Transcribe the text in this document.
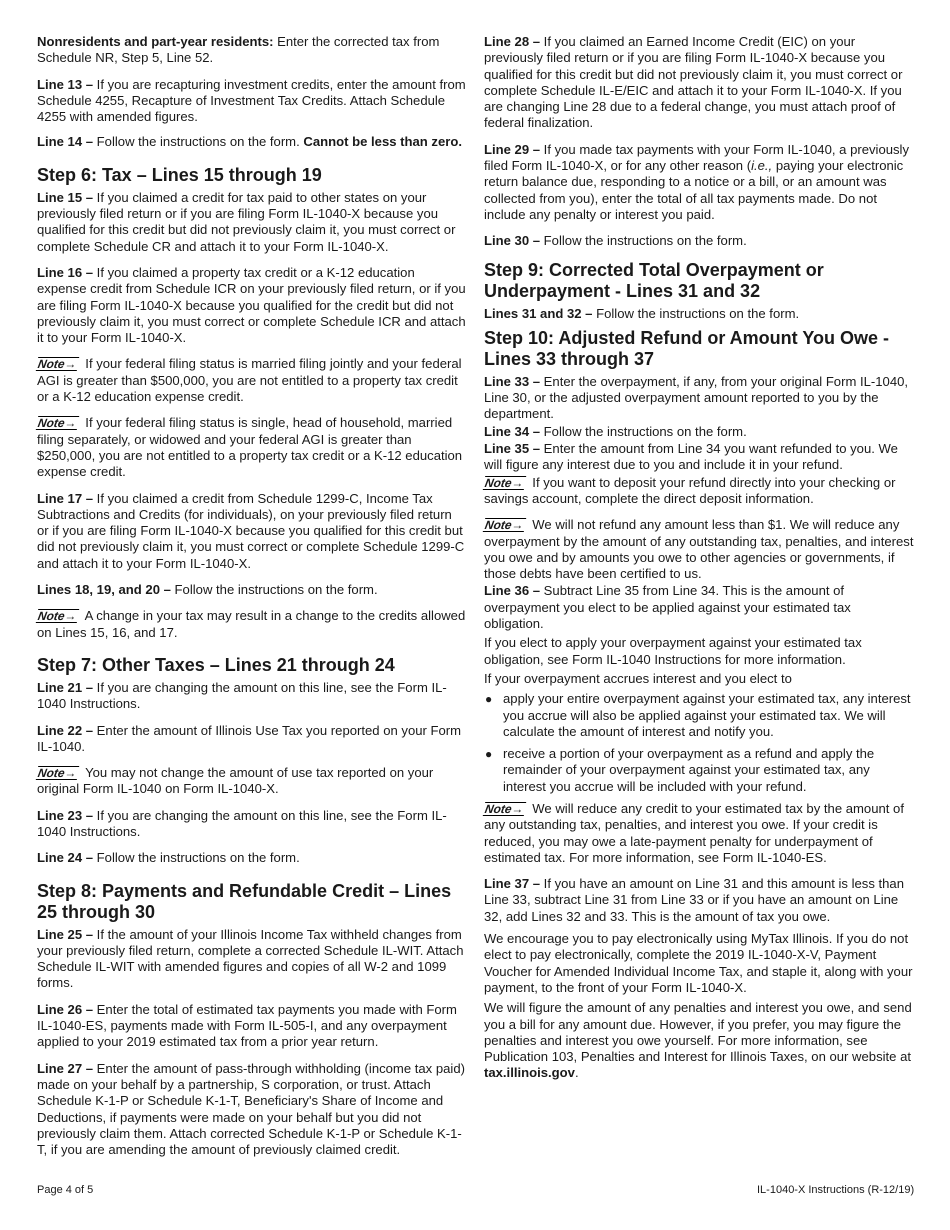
Nonresidents and part-year residents: Enter the corrected tax from Schedule NR, Step 5, Line 52.

Line 13 – If you are recapturing investment credits, enter the amount from Schedule 4255, Recapture of Investment Tax Credits. Attach Schedule 4255 with amended figures.

Line 14 – Follow the instructions on the form. Cannot be less than zero.

Step 6: Tax – Lines 15 through 19

Line 15 – If you claimed a credit for tax paid to other states on your previously filed return or if you are filing Form IL-1040-X because you qualified for this credit but did not previously claim it, you must correct or complete Schedule CR and attach it to your Form IL-1040-X.

Line 16 – If you claimed a property tax credit or a K-12 education expense credit from Schedule ICR on your previously filed return, or if you are filing Form IL-1040-X because you qualified for the credit but did not previously claim it, you must correct or complete Schedule ICR and attach it to your Form IL-1040-X.

Note→ If your federal filing status is married filing jointly and your federal AGI is greater than $500,000, you are not entitled to a property tax credit or a K-12 education expense credit.

Note→ If your federal filing status is single, head of household, married filing separately, or widowed and your federal AGI is greater than $250,000, you are not entitled to a property tax credit or a K-12 education expense credit.

Line 17 – If you claimed a credit from Schedule 1299-C, Income Tax Subtractions and Credits (for individuals), on your previously filed return or if you are filing Form IL-1040-X because you qualified for this credit but did not previously claim it, you must correct or complete Schedule 1299-C and attach it to your Form IL-1040-X.

Lines 18, 19, and 20 – Follow the instructions on the form.

Note→ A change in your tax may result in a change to the credits allowed on Lines 15, 16, and 17.

Step 7: Other Taxes – Lines 21 through 24

Line 21 – If you are changing the amount on this line, see the Form IL-1040 Instructions.

Line 22 – Enter the amount of Illinois Use Tax you reported on your Form IL-1040.

Note→ You may not change the amount of use tax reported on your original Form IL-1040 on Form IL-1040-X.

Line 23 – If you are changing the amount on this line, see the Form IL-1040 Instructions.

Line 24 – Follow the instructions on the form.

Step 8: Payments and Refundable Credit – Lines 25 through 30

Line 25 – If the amount of your Illinois Income Tax withheld changes from your previously filed return, complete a corrected Schedule IL-WIT. Attach Schedule IL-WIT with amended figures and copies of all W-2 and 1099 forms.

Line 26 – Enter the total of estimated tax payments you made with Form IL-1040-ES, payments made with Form IL-505-I, and any overpayment applied to your 2019 estimated tax from a prior year return.

Line 27 – Enter the amount of pass-through withholding (income tax paid) made on your behalf by a partnership, S corporation, or trust. Attach Schedule K-1-P or Schedule K-1-T, Beneficiary's Share of Income and Deductions, if payments were made on your behalf but you did not previously claim them. Attach corrected Schedule K-1-P or Schedule K-1-T, if you are amending the amount of previously claimed credit.

Line 28 – If you claimed an Earned Income Credit (EIC) on your previously filed return or if you are filing Form IL-1040-X because you qualified for this credit but did not previously claim it, you must correct or complete Schedule IL-E/EIC and attach it to your Form IL-1040-X. If you are changing Line 28 due to a federal change, you must attach proof of federal finalization.

Line 29 – If you made tax payments with your Form IL-1040, a previously filed Form IL-1040-X, or for any other reason (i.e., paying your electronic return balance due, responding to a notice or a bill, or an amount was collected from you), enter the total of all tax payments made. Do not include any penalty or interest you paid.

Line 30 – Follow the instructions on the form.

Step 9: Corrected Total Overpayment or Underpayment - Lines 31 and 32

Lines 31 and 32 – Follow the instructions on the form.

Step 10: Adjusted Refund or Amount You Owe - Lines 33 through 37

Line 33 – Enter the overpayment, if any, from your original Form IL-1040, Line 30, or the adjusted overpayment amount reported to you by the department.

Line 34 – Follow the instructions on the form.

Line 35 – Enter the amount from Line 34 you want refunded to you. We will figure any interest due to you and include it in your refund.

Note→ If you want to deposit your refund directly into your checking or savings account, complete the direct deposit information.

Note→ We will not refund any amount less than $1. We will reduce any overpayment by the amount of any outstanding tax, penalties, and interest you owe and by amounts you owe to other agencies or governments, if those debts have been certified to us.

Line 36 – Subtract Line 35 from Line 34. This is the amount of overpayment you elect to be applied against your estimated tax obligation.

If you elect to apply your overpayment against your estimated tax obligation, see Form IL-1040 Instructions for more information.

If your overpayment accrues interest and you elect to

● apply your entire overpayment against your estimated tax, any interest you accrue will also be applied against your estimated tax. We will calculate the amount of interest and notify you.
● receive a portion of your overpayment as a refund and apply the remainder of your overpayment against your estimated tax, any interest you accrue will be included with your refund.

Note→ We will reduce any credit to your estimated tax by the amount of any outstanding tax, penalties, and interest you owe. If your credit is reduced, you may owe a late-payment penalty for underpayment of estimated tax. For more information, see Form IL-1040-ES.

Line 37 – If you have an amount on Line 31 and this amount is less than Line 33, subtract Line 31 from Line 33 or if you have an amount on Line 32, add Lines 32 and 33. This is the amount of tax you owe.

We encourage you to pay electronically using MyTax Illinois. If you do not elect to pay electronically, complete the 2019 IL-1040-X-V, Payment Voucher for Amended Individual Income Tax, and staple it, along with your payment, to the front of your Form IL-1040-X.

We will figure the amount of any penalties and interest you owe, and send you a bill for any amount due. However, if you prefer, you may figure the penalties and interest you owe yourself. For more information, see Publication 103, Penalties and Interest for Illinois Taxes, on our website at tax.illinois.gov.

Page 4 of 5	IL-1040-X Instructions (R-12/19)
